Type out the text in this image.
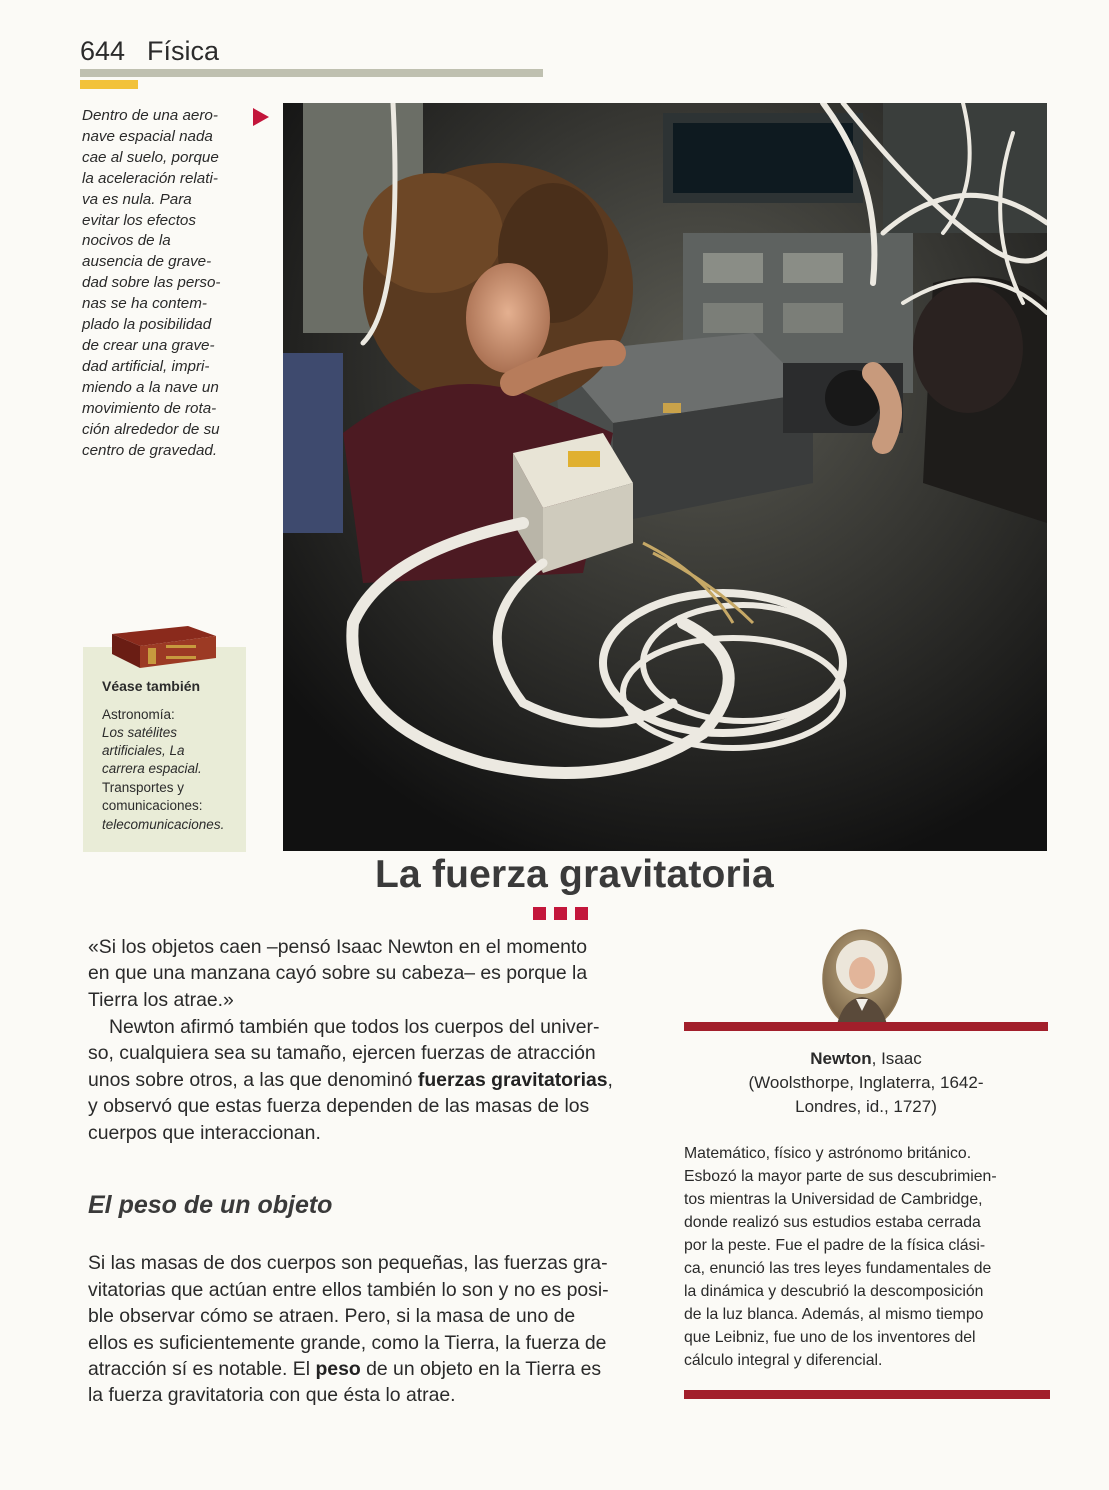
644 Física
Dentro de una aero-
nave espacial nada
cae al suelo, porque
la aceleración relati-
va es nula. Para
evitar los efectos
nocivos de la
ausencia de grave-
dad sobre las perso-
nas se ha contem-
plado la posibilidad
de crear una grave-
dad artificial, impri-
miendo a la nave un
movimiento de rota-
ción alrededor de su
centro de gravedad.
Véase también
Astronomía:
Los satélites
artificiales, La
carrera espacial.
Transportes y
comunicaciones:
telecomunicaciones.
La fuerza gravitatoria
«Si los objetos caen –pensó Isaac Newton en el momento
en que una manzana cayó sobre su cabeza– es porque la
Tierra los atrae.»
Newton afirmó también que todos los cuerpos del univer-
so, cualquiera sea su tamaño, ejercen fuerzas de atracción
unos sobre otros, a las que denominó fuerzas gravitatorias,
y observó que estas fuerza dependen de las masas de los
cuerpos que interaccionan.
El peso de un objeto
Si las masas de dos cuerpos son pequeñas, las fuerzas gra-
vitatorias que actúan entre ellos también lo son y no es posi-
ble observar cómo se atraen. Pero, si la masa de uno de
ellos es suficientemente grande, como la Tierra, la fuerza de
atracción sí es notable. El peso de un objeto en la Tierra es
la fuerza gravitatoria con que ésta lo atrae.
Newton, Isaac
(Woolsthorpe, Inglaterra, 1642-
Londres, id., 1727)
Matemático, físico y astrónomo británico.
Esbozó la mayor parte de sus descubrimien-
tos mientras la Universidad de Cambridge,
donde realizó sus estudios estaba cerrada
por la peste. Fue el padre de la física clási-
ca, enunció las tres leyes fundamentales de
la dinámica y descubrió la descomposición
de la luz blanca. Además, al mismo tiempo
que Leibniz, fue uno de los inventores del
cálculo integral y diferencial.
